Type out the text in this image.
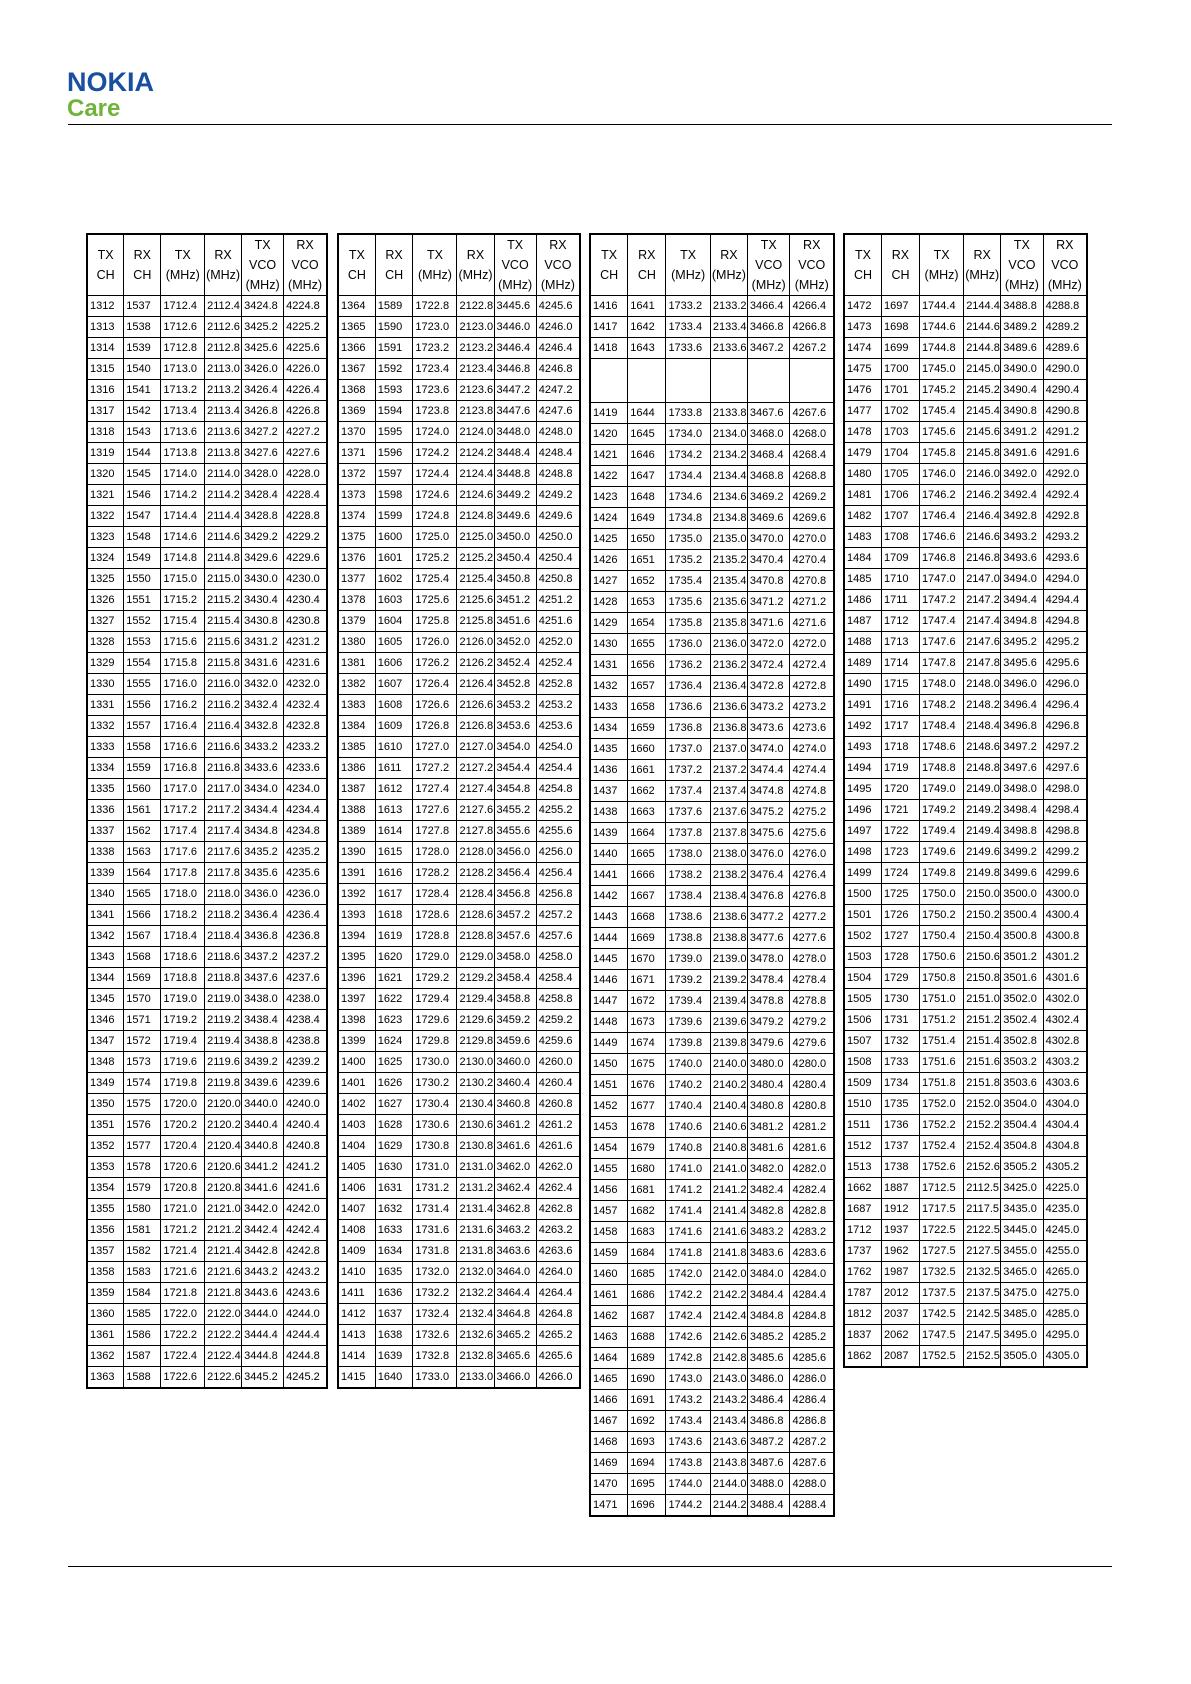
NOKIA
Care
TX CH	RX CH	TX (MHz)	RX (MHz)	TX VCO (MHz)	RX VCO (MHz)
1312	1537	1712.4	2112.4	3424.8	4224.8
1313	1538	1712.6	2112.6	3425.2	4225.2
1314	1539	1712.8	2112.8	3425.6	4225.6
1315	1540	1713.0	2113.0	3426.0	4226.0
1316	1541	1713.2	2113.2	3426.4	4226.4
1317	1542	1713.4	2113.4	3426.8	4226.8
1318	1543	1713.6	2113.6	3427.2	4227.2
1319	1544	1713.8	2113.8	3427.6	4227.6
1320	1545	1714.0	2114.0	3428.0	4228.0
1321	1546	1714.2	2114.2	3428.4	4228.4
1322	1547	1714.4	2114.4	3428.8	4228.8
1323	1548	1714.6	2114.6	3429.2	4229.2
1324	1549	1714.8	2114.8	3429.6	4229.6
1325	1550	1715.0	2115.0	3430.0	4230.0
1326	1551	1715.2	2115.2	3430.4	4230.4
1327	1552	1715.4	2115.4	3430.8	4230.8
1328	1553	1715.6	2115.6	3431.2	4231.2
1329	1554	1715.8	2115.8	3431.6	4231.6
1330	1555	1716.0	2116.0	3432.0	4232.0
1331	1556	1716.2	2116.2	3432.4	4232.4
1332	1557	1716.4	2116.4	3432.8	4232.8
1333	1558	1716.6	2116.6	3433.2	4233.2
1334	1559	1716.8	2116.8	3433.6	4233.6
1335	1560	1717.0	2117.0	3434.0	4234.0
1336	1561	1717.2	2117.2	3434.4	4234.4
1337	1562	1717.4	2117.4	3434.8	4234.8
1338	1563	1717.6	2117.6	3435.2	4235.2
1339	1564	1717.8	2117.8	3435.6	4235.6
1340	1565	1718.0	2118.0	3436.0	4236.0
1341	1566	1718.2	2118.2	3436.4	4236.4
1342	1567	1718.4	2118.4	3436.8	4236.8
1343	1568	1718.6	2118.6	3437.2	4237.2
1344	1569	1718.8	2118.8	3437.6	4237.6
1345	1570	1719.0	2119.0	3438.0	4238.0
1346	1571	1719.2	2119.2	3438.4	4238.4
1347	1572	1719.4	2119.4	3438.8	4238.8
1348	1573	1719.6	2119.6	3439.2	4239.2
1349	1574	1719.8	2119.8	3439.6	4239.6
1350	1575	1720.0	2120.0	3440.0	4240.0
1351	1576	1720.2	2120.2	3440.4	4240.4
1352	1577	1720.4	2120.4	3440.8	4240.8
1353	1578	1720.6	2120.6	3441.2	4241.2
1354	1579	1720.8	2120.8	3441.6	4241.6
1355	1580	1721.0	2121.0	3442.0	4242.0
1356	1581	1721.2	2121.2	3442.4	4242.4
1357	1582	1721.4	2121.4	3442.8	4242.8
1358	1583	1721.6	2121.6	3443.2	4243.2
1359	1584	1721.8	2121.8	3443.6	4243.6
1360	1585	1722.0	2122.0	3444.0	4244.0
1361	1586	1722.2	2122.2	3444.4	4244.4
1362	1587	1722.4	2122.4	3444.8	4244.8
1363	1588	1722.6	2122.6	3445.2	4245.2
TX CH	RX CH	TX (MHz)	RX (MHz)	TX VCO (MHz)	RX VCO (MHz)
1364	1589	1722.8	2122.8	3445.6	4245.6
1365	1590	1723.0	2123.0	3446.0	4246.0
1366	1591	1723.2	2123.2	3446.4	4246.4
1367	1592	1723.4	2123.4	3446.8	4246.8
1368	1593	1723.6	2123.6	3447.2	4247.2
1369	1594	1723.8	2123.8	3447.6	4247.6
1370	1595	1724.0	2124.0	3448.0	4248.0
1371	1596	1724.2	2124.2	3448.4	4248.4
1372	1597	1724.4	2124.4	3448.8	4248.8
1373	1598	1724.6	2124.6	3449.2	4249.2
1374	1599	1724.8	2124.8	3449.6	4249.6
1375	1600	1725.0	2125.0	3450.0	4250.0
1376	1601	1725.2	2125.2	3450.4	4250.4
1377	1602	1725.4	2125.4	3450.8	4250.8
1378	1603	1725.6	2125.6	3451.2	4251.2
1379	1604	1725.8	2125.8	3451.6	4251.6
1380	1605	1726.0	2126.0	3452.0	4252.0
1381	1606	1726.2	2126.2	3452.4	4252.4
1382	1607	1726.4	2126.4	3452.8	4252.8
1383	1608	1726.6	2126.6	3453.2	4253.2
1384	1609	1726.8	2126.8	3453.6	4253.6
1385	1610	1727.0	2127.0	3454.0	4254.0
1386	1611	1727.2	2127.2	3454.4	4254.4
1387	1612	1727.4	2127.4	3454.8	4254.8
1388	1613	1727.6	2127.6	3455.2	4255.2
1389	1614	1727.8	2127.8	3455.6	4255.6
1390	1615	1728.0	2128.0	3456.0	4256.0
1391	1616	1728.2	2128.2	3456.4	4256.4
1392	1617	1728.4	2128.4	3456.8	4256.8
1393	1618	1728.6	2128.6	3457.2	4257.2
1394	1619	1728.8	2128.8	3457.6	4257.6
1395	1620	1729.0	2129.0	3458.0	4258.0
1396	1621	1729.2	2129.2	3458.4	4258.4
1397	1622	1729.4	2129.4	3458.8	4258.8
1398	1623	1729.6	2129.6	3459.2	4259.2
1399	1624	1729.8	2129.8	3459.6	4259.6
1400	1625	1730.0	2130.0	3460.0	4260.0
1401	1626	1730.2	2130.2	3460.4	4260.4
1402	1627	1730.4	2130.4	3460.8	4260.8
1403	1628	1730.6	2130.6	3461.2	4261.2
1404	1629	1730.8	2130.8	3461.6	4261.6
1405	1630	1731.0	2131.0	3462.0	4262.0
1406	1631	1731.2	2131.2	3462.4	4262.4
1407	1632	1731.4	2131.4	3462.8	4262.8
1408	1633	1731.6	2131.6	3463.2	4263.2
1409	1634	1731.8	2131.8	3463.6	4263.6
1410	1635	1732.0	2132.0	3464.0	4264.0
1411	1636	1732.2	2132.2	3464.4	4264.4
1412	1637	1732.4	2132.4	3464.8	4264.8
1413	1638	1732.6	2132.6	3465.2	4265.2
1414	1639	1732.8	2132.8	3465.6	4265.6
1415	1640	1733.0	2133.0	3466.0	4266.0
TX CH	RX CH	TX (MHz)	RX (MHz)	TX VCO (MHz)	RX VCO (MHz)
1416	1641	1733.2	2133.2	3466.4	4266.4
1417	1642	1733.4	2133.4	3466.8	4266.8
1418	1643	1733.6	2133.6	3467.2	4267.2

1419	1644	1733.8	2133.8	3467.6	4267.6
1420	1645	1734.0	2134.0	3468.0	4268.0
1421	1646	1734.2	2134.2	3468.4	4268.4
1422	1647	1734.4	2134.4	3468.8	4268.8
1423	1648	1734.6	2134.6	3469.2	4269.2
1424	1649	1734.8	2134.8	3469.6	4269.6
1425	1650	1735.0	2135.0	3470.0	4270.0
1426	1651	1735.2	2135.2	3470.4	4270.4
1427	1652	1735.4	2135.4	3470.8	4270.8
1428	1653	1735.6	2135.6	3471.2	4271.2
1429	1654	1735.8	2135.8	3471.6	4271.6
1430	1655	1736.0	2136.0	3472.0	4272.0
1431	1656	1736.2	2136.2	3472.4	4272.4
1432	1657	1736.4	2136.4	3472.8	4272.8
1433	1658	1736.6	2136.6	3473.2	4273.2
1434	1659	1736.8	2136.8	3473.6	4273.6
1435	1660	1737.0	2137.0	3474.0	4274.0
1436	1661	1737.2	2137.2	3474.4	4274.4
1437	1662	1737.4	2137.4	3474.8	4274.8
1438	1663	1737.6	2137.6	3475.2	4275.2
1439	1664	1737.8	2137.8	3475.6	4275.6
1440	1665	1738.0	2138.0	3476.0	4276.0
1441	1666	1738.2	2138.2	3476.4	4276.4
1442	1667	1738.4	2138.4	3476.8	4276.8
1443	1668	1738.6	2138.6	3477.2	4277.2
1444	1669	1738.8	2138.8	3477.6	4277.6
1445	1670	1739.0	2139.0	3478.0	4278.0
1446	1671	1739.2	2139.2	3478.4	4278.4
1447	1672	1739.4	2139.4	3478.8	4278.8
1448	1673	1739.6	2139.6	3479.2	4279.2
1449	1674	1739.8	2139.8	3479.6	4279.6
1450	1675	1740.0	2140.0	3480.0	4280.0
1451	1676	1740.2	2140.2	3480.4	4280.4
1452	1677	1740.4	2140.4	3480.8	4280.8
1453	1678	1740.6	2140.6	3481.2	4281.2
1454	1679	1740.8	2140.8	3481.6	4281.6
1455	1680	1741.0	2141.0	3482.0	4282.0
1456	1681	1741.2	2141.2	3482.4	4282.4
1457	1682	1741.4	2141.4	3482.8	4282.8
1458	1683	1741.6	2141.6	3483.2	4283.2
1459	1684	1741.8	2141.8	3483.6	4283.6
1460	1685	1742.0	2142.0	3484.0	4284.0
1461	1686	1742.2	2142.2	3484.4	4284.4
1462	1687	1742.4	2142.4	3484.8	4284.8
1463	1688	1742.6	2142.6	3485.2	4285.2
1464	1689	1742.8	2142.8	3485.6	4285.6
1465	1690	1743.0	2143.0	3486.0	4286.0
1466	1691	1743.2	2143.2	3486.4	4286.4
1467	1692	1743.4	2143.4	3486.8	4286.8
1468	1693	1743.6	2143.6	3487.2	4287.2
1469	1694	1743.8	2143.8	3487.6	4287.6
1470	1695	1744.0	2144.0	3488.0	4288.0
1471	1696	1744.2	2144.2	3488.4	4288.4
TX CH	RX CH	TX (MHz)	RX (MHz)	TX VCO (MHz)	RX VCO (MHz)
1472	1697	1744.4	2144.4	3488.8	4288.8
1473	1698	1744.6	2144.6	3489.2	4289.2
1474	1699	1744.8	2144.8	3489.6	4289.6
1475	1700	1745.0	2145.0	3490.0	4290.0
1476	1701	1745.2	2145.2	3490.4	4290.4
1477	1702	1745.4	2145.4	3490.8	4290.8
1478	1703	1745.6	2145.6	3491.2	4291.2
1479	1704	1745.8	2145.8	3491.6	4291.6
1480	1705	1746.0	2146.0	3492.0	4292.0
1481	1706	1746.2	2146.2	3492.4	4292.4
1482	1707	1746.4	2146.4	3492.8	4292.8
1483	1708	1746.6	2146.6	3493.2	4293.2
1484	1709	1746.8	2146.8	3493.6	4293.6
1485	1710	1747.0	2147.0	3494.0	4294.0
1486	1711	1747.2	2147.2	3494.4	4294.4
1487	1712	1747.4	2147.4	3494.8	4294.8
1488	1713	1747.6	2147.6	3495.2	4295.2
1489	1714	1747.8	2147.8	3495.6	4295.6
1490	1715	1748.0	2148.0	3496.0	4296.0
1491	1716	1748.2	2148.2	3496.4	4296.4
1492	1717	1748.4	2148.4	3496.8	4296.8
1493	1718	1748.6	2148.6	3497.2	4297.2
1494	1719	1748.8	2148.8	3497.6	4297.6
1495	1720	1749.0	2149.0	3498.0	4298.0
1496	1721	1749.2	2149.2	3498.4	4298.4
1497	1722	1749.4	2149.4	3498.8	4298.8
1498	1723	1749.6	2149.6	3499.2	4299.2
1499	1724	1749.8	2149.8	3499.6	4299.6
1500	1725	1750.0	2150.0	3500.0	4300.0
1501	1726	1750.2	2150.2	3500.4	4300.4
1502	1727	1750.4	2150.4	3500.8	4300.8
1503	1728	1750.6	2150.6	3501.2	4301.2
1504	1729	1750.8	2150.8	3501.6	4301.6
1505	1730	1751.0	2151.0	3502.0	4302.0
1506	1731	1751.2	2151.2	3502.4	4302.4
1507	1732	1751.4	2151.4	3502.8	4302.8
1508	1733	1751.6	2151.6	3503.2	4303.2
1509	1734	1751.8	2151.8	3503.6	4303.6
1510	1735	1752.0	2152.0	3504.0	4304.0
1511	1736	1752.2	2152.2	3504.4	4304.4
1512	1737	1752.4	2152.4	3504.8	4304.8
1513	1738	1752.6	2152.6	3505.2	4305.2
1662	1887	1712.5	2112.5	3425.0	4225.0
1687	1912	1717.5	2117.5	3435.0	4235.0
1712	1937	1722.5	2122.5	3445.0	4245.0
1737	1962	1727.5	2127.5	3455.0	4255.0
1762	1987	1732.5	2132.5	3465.0	4265.0
1787	2012	1737.5	2137.5	3475.0	4275.0
1812	2037	1742.5	2142.5	3485.0	4285.0
1837	2062	1747.5	2147.5	3495.0	4295.0
1862	2087	1752.5	2152.5	3505.0	4305.0
